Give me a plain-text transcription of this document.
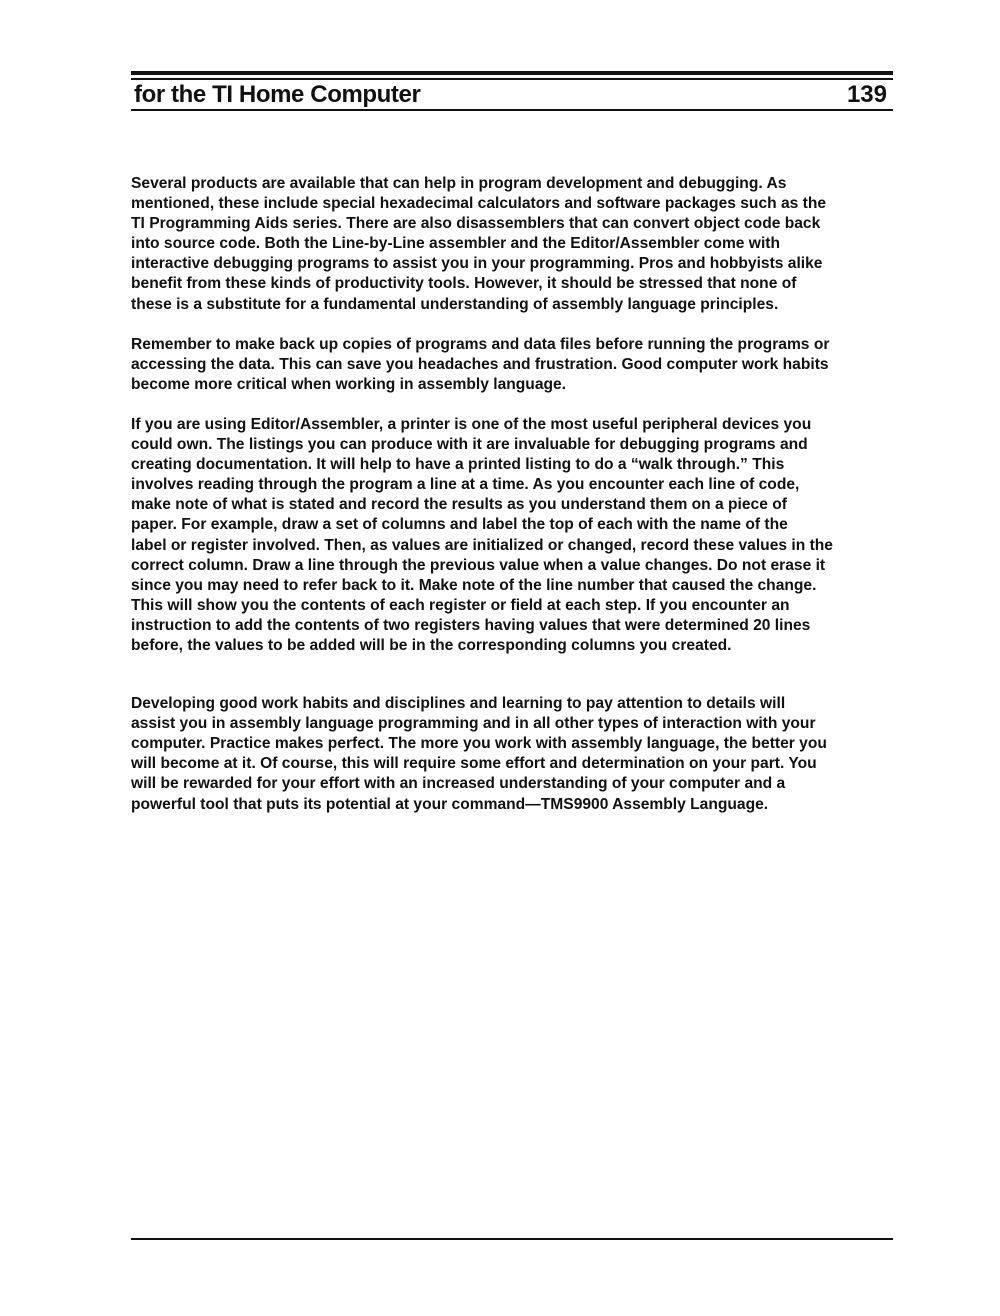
for the TI Home Computer	139

Several products are available that can help in program development and debugging. As
mentioned, these include special hexadecimal calculators and software packages such as the
TI Programming Aids series. There are also disassemblers that can convert object code back
into source code. Both the Line-by-Line assembler and the Editor/Assembler come with
interactive debugging programs to assist you in your programming. Pros and hobbyists alike
benefit from these kinds of productivity tools. However, it should be stressed that none of
these is a substitute for a fundamental understanding of assembly language principles.

Remember to make back up copies of programs and data files before running the programs or
accessing the data. This can save you headaches and frustration. Good computer work habits
become more critical when working in assembly language.

If you are using Editor/Assembler, a printer is one of the most useful peripheral devices you
could own. The listings you can produce with it are invaluable for debugging programs and
creating documentation. It will help to have a printed listing to do a “walk through.” This
involves reading through the program a line at a time. As you encounter each line of code,
make note of what is stated and record the results as you understand them on a piece of
paper. For example, draw a set of columns and label the top of each with the name of the
label or register involved. Then, as values are initialized or changed, record these values in the
correct column. Draw a line through the previous value when a value changes. Do not erase it
since you may need to refer back to it. Make note of the line number that caused the change.
This will show you the contents of each register or field at each step. If you encounter an
instruction to add the contents of two registers having values that were determined 20 lines
before, the values to be added will be in the corresponding columns you created.

Developing good work habits and disciplines and learning to pay attention to details will
assist you in assembly language programming and in all other types of interaction with your
computer. Practice makes perfect. The more you work with assembly language, the better you
will become at it. Of course, this will require some effort and determination on your part. You
will be rewarded for your effort with an increased understanding of your computer and a
powerful tool that puts its potential at your command—TMS9900 Assembly Language.
